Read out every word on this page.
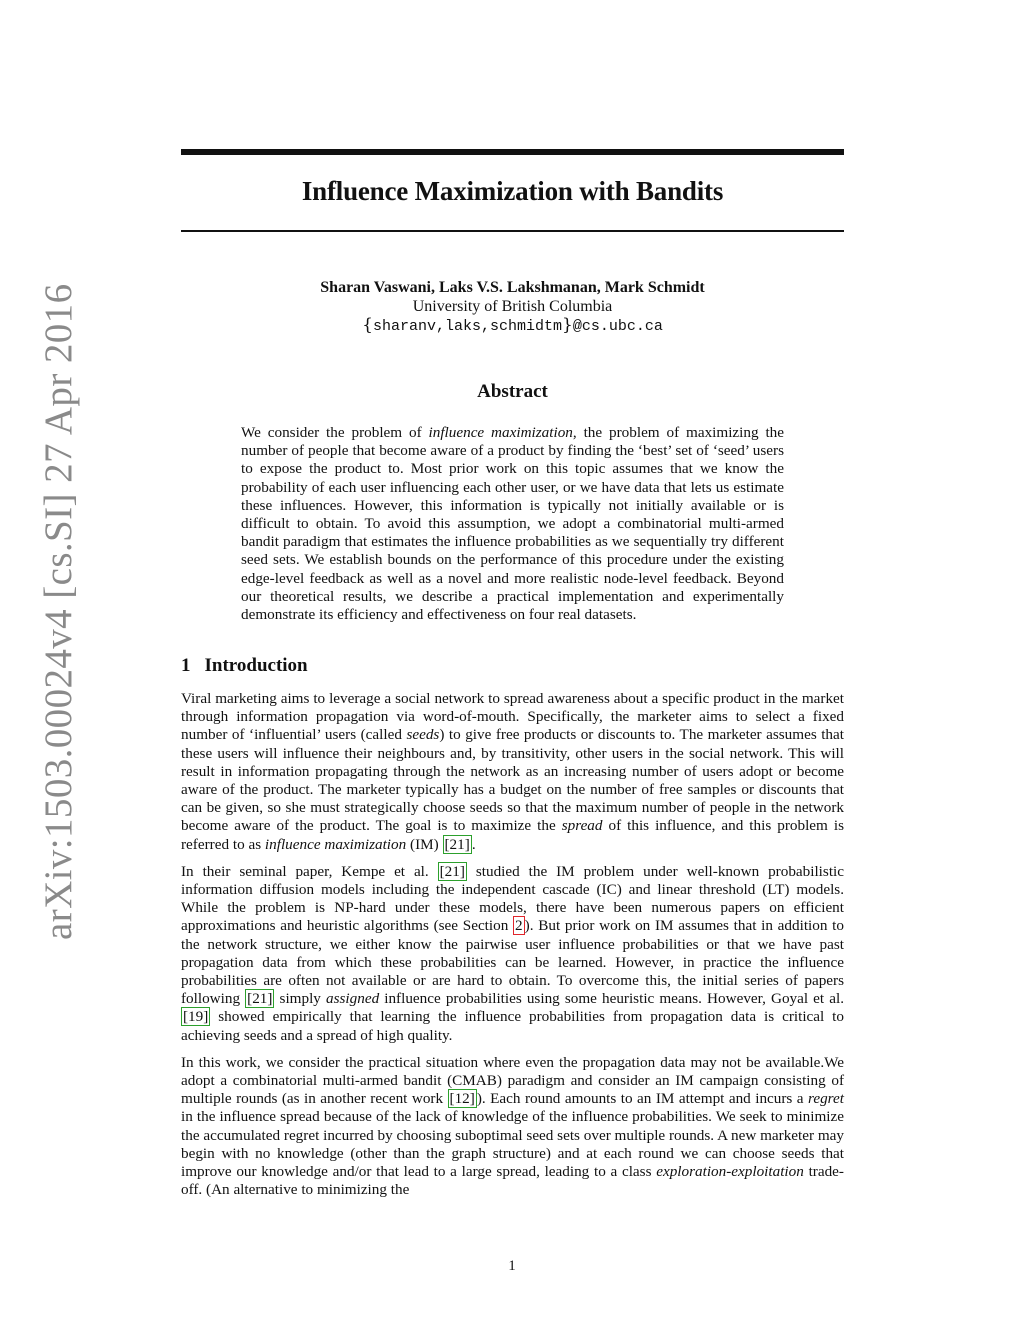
arXiv:1503.00024v4 [cs.SI] 27 Apr 2016
Influence Maximization with Bandits
Sharan Vaswani, Laks V.S. Lakshmanan, Mark Schmidt
University of British Columbia
{sharanv,laks,schmidtm}@cs.ubc.ca
Abstract
We consider the problem of influence maximization, the problem of maximizing the number of people that become aware of a product by finding the ‘best’ set of ‘seed’ users to expose the product to. Most prior work on this topic assumes that we know the probability of each user influencing each other user, or we have data that lets us estimate these influences. However, this information is typically not initially available or is difficult to obtain. To avoid this assumption, we adopt a combinatorial multi-armed bandit paradigm that estimates the influence probabilities as we sequentially try different seed sets. We establish bounds on the performance of this procedure under the existing edge-level feedback as well as a novel and more realistic node-level feedback. Beyond our theoretical results, we describe a practical implementation and experimentally demonstrate its efficiency and effectiveness on four real datasets.
1 Introduction

Viral marketing aims to leverage a social network to spread awareness about a specific product in the market through information propagation via word-of-mouth. Specifically, the marketer aims to select a fixed number of ‘influential’ users (called seeds) to give free products or discounts to. The marketer assumes that these users will influence their neighbours and, by transitivity, other users in the social network. This will result in information propagating through the network as an increasing number of users adopt or become aware of the product. The marketer typically has a budget on the number of free samples or discounts that can be given, so she must strategically choose seeds so that the maximum number of people in the network become aware of the product. The goal is to maximize the spread of this influence, and this problem is referred to as influence maximization (IM) [21] .

In their seminal paper, Kempe et al. [21] studied the IM problem under well-known probabilistic information diffusion models including the independent cascade (IC) and linear threshold (LT) models. While the problem is NP-hard under these models, there have been numerous papers on efficient approximations and heuristic algorithms (see Section 2 ). But prior work on IM assumes that in addition to the network structure, we either know the pairwise user influence probabilities or that we have past propagation data from which these probabilities can be learned. However, in practice the influence probabilities are often not available or are hard to obtain. To overcome this, the initial series of papers following [21] simply assigned influence probabilities using some heuristic means. However, Goyal et al. [19] showed empirically that learning the influence probabilities from propagation data is critical to achieving seeds and a spread of high quality.

In this work, we consider the practical situation where even the propagation data may not be available.We adopt a combinatorial multi-armed bandit (CMAB) paradigm and consider an IM campaign consisting of multiple rounds (as in another recent work [12] ). Each round amounts to an IM attempt and incurs a regret in the influence spread because of the lack of knowledge of the influence probabilities. We seek to minimize the accumulated regret incurred by choosing suboptimal seed sets over multiple rounds. A new marketer may begin with no knowledge (other than the graph structure) and at each round we can choose seeds that improve our knowledge and/or that lead to a large spread, leading to a class exploration-exploitation trade-off. (An alternative to minimizing the

1
